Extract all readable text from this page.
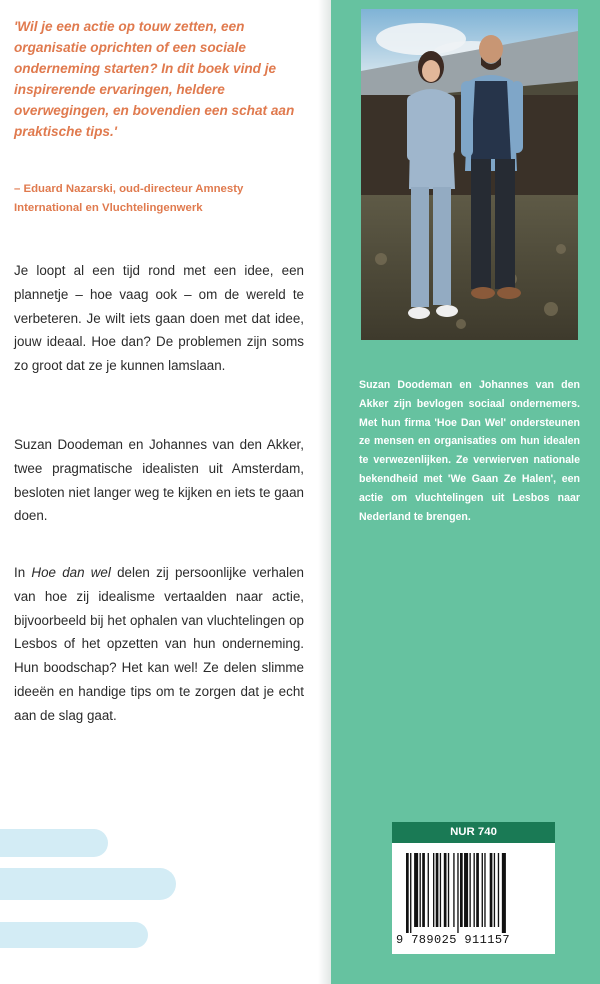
'Wil je een actie op touw zetten, een organisatie oprichten of een sociale onderneming starten? In dit boek vind je inspirerende ervaringen, heldere overwegingen, en bovendien een schat aan praktische tips.'

– Eduard Nazarski, oud-directeur Amnesty International en Vluchtelingenwerk

Je loopt al een tijd rond met een idee, een plannetje – hoe vaag ook – om de wereld te verbeteren. Je wilt iets gaan doen met dat idee, jouw ideaal. Hoe dan? De problemen zijn soms zo groot dat ze je kunnen lamslaan.

Suzan Doodeman en Johannes van den Akker, twee pragmatische idealisten uit Amsterdam, besloten niet langer weg te kijken en iets te gaan doen.

In Hoe dan wel delen zij persoonlijke verhalen van hoe zij idealisme vertaalden naar actie, bijvoorbeeld bij het ophalen van vluchtelingen op Lesbos of het opzetten van hun onderneming. Hun boodschap? Het kan wel! Ze delen slimme ideeën en handige tips om te zorgen dat je echt aan de slag gaat.

Suzan Doodeman en Johannes van den Akker zijn bevlogen sociaal ondernemers. Met hun firma 'Hoe Dan Wel' ondersteunen ze mensen en organisaties om hun idealen te verwezenlijken. Ze verwierven nationale bekendheid met 'We Gaan Ze Halen', een actie om vluchtelingen uit Lesbos naar Nederland te brengen.

NUR 740

9 789025 911157
